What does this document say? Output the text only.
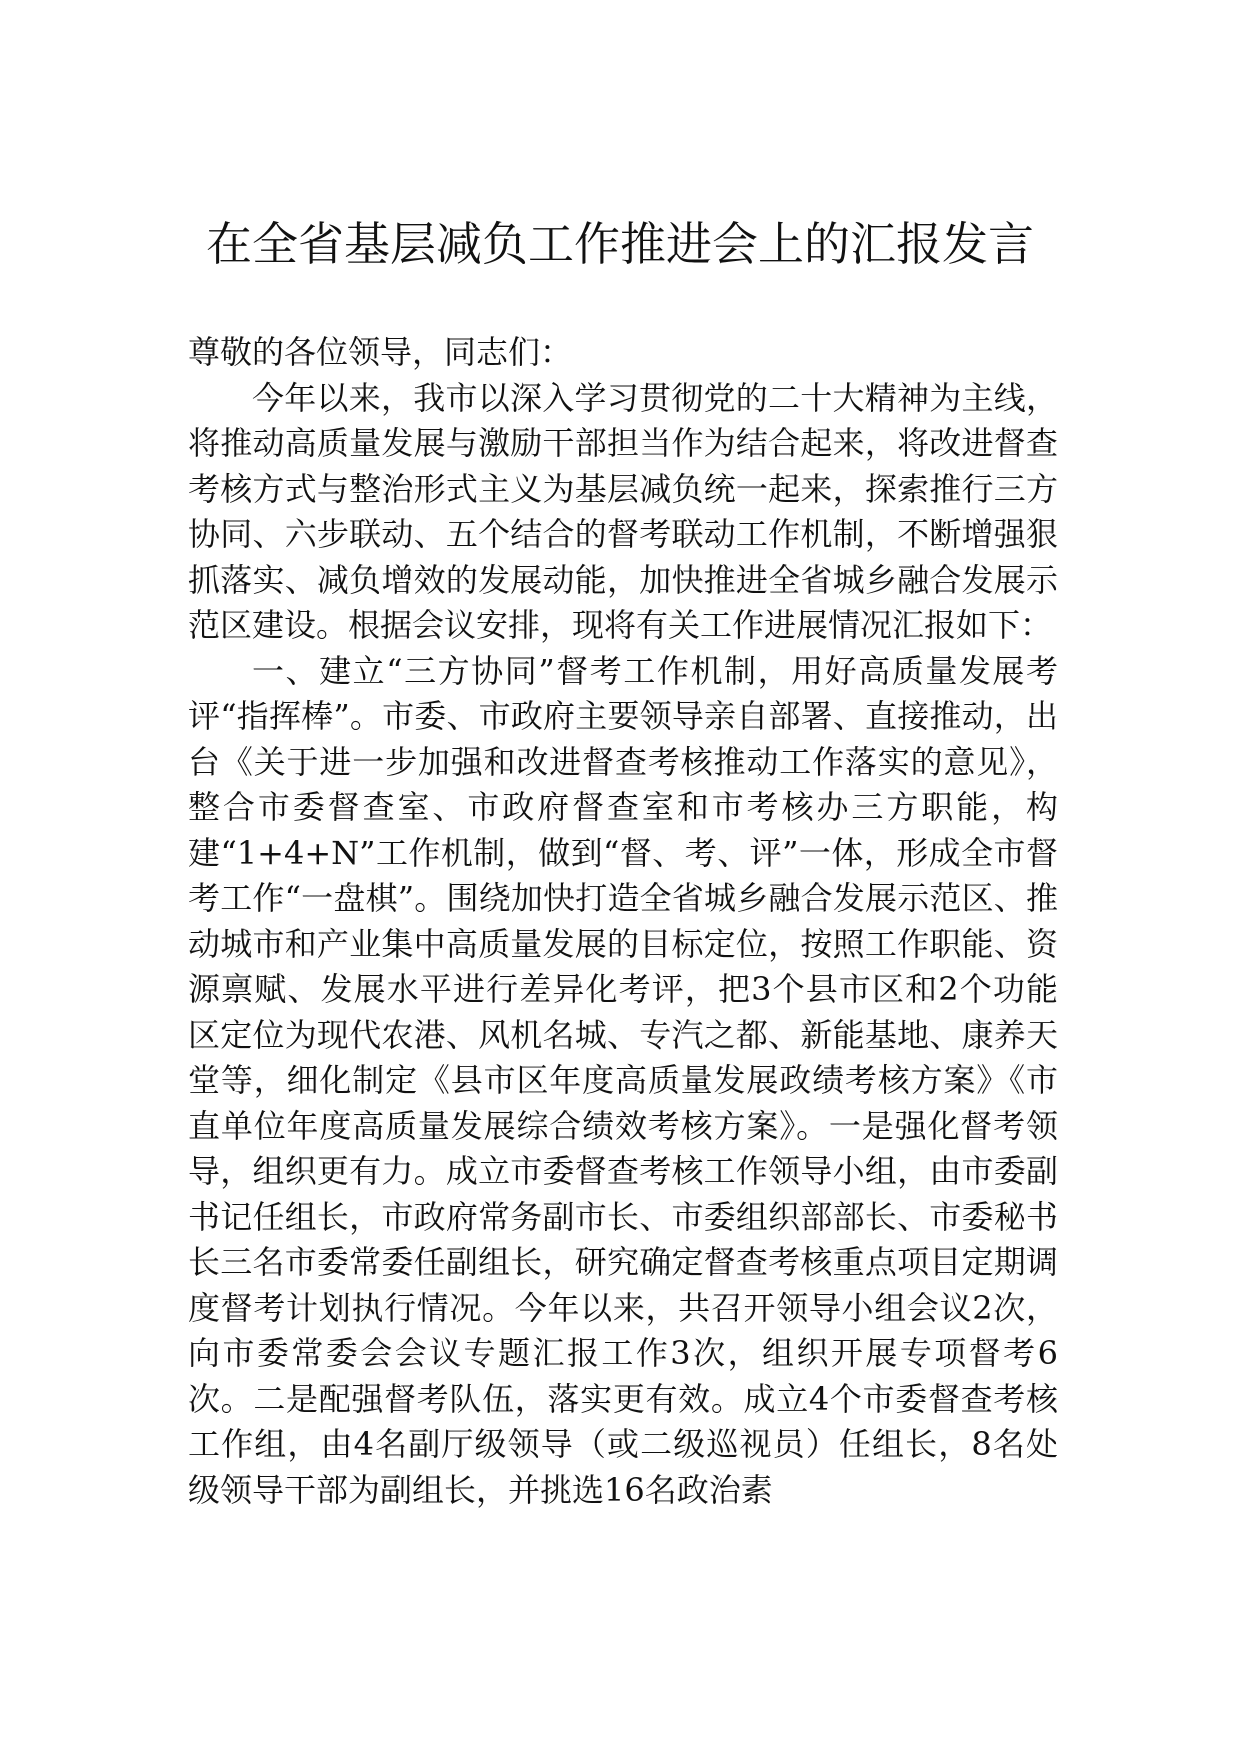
在全省基层减负工作推进会上的汇报发言

尊敬的各位领导，同志们：

今年以来，我市以深入学习贯彻党的二十大精神为主线，将推动高质量发展与激励干部担当作为结合起来，将改进督查考核方式与整治形式主义为基层减负统一起来，探索推行三方协同、六步联动、五个结合的督考联动工作机制，不断增强狠抓落实、减负增效的发展动能，加快推进全省城乡融合发展示范区建设。根据会议安排，现将有关工作进展情况汇报如下：

一、建立“三方协同”督考工作机制，用好高质量发展考评“指挥棒”。市委、市政府主要领导亲自部署、直接推动，出台《关于进一步加强和改进督查考核推动工作落实的意见》，整合市委督查室、市政府督查室和市考核办三方职能，构建“1+4+N”工作机制，做到“督、考、评”一体，形成全市督考工作“一盘棋”。围绕加快打造全省城乡融合发展示范区、推动城市和产业集中高质量发展的目标定位，按照工作职能、资源禀赋、发展水平进行差异化考评，把3个县市区和2个功能区定位为现代农港、风机名城、专汽之都、新能基地、康养天堂等，细化制定《县市区年度高质量发展政绩考核方案》《市直单位年度高质量发展综合绩效考核方案》。一是强化督考领导，组织更有力。成立市委督查考核工作领导小组，由市委副书记任组长，市政府常务副市长、市委组织部部长、市委秘书长三名市委常委任副组长，研究确定督查考核重点项目定期调度督考计划执行情况。今年以来，共召开领导小组会议2次，向市委常委会会议专题汇报工作3次，组织开展专项督考6次。二是配强督考队伍，落实更有效。成立4个市委督查考核工作组，由4名副厅级领导（或二级巡视员）任组长，8名处级领导干部为副组长，并挑选16名政治素
